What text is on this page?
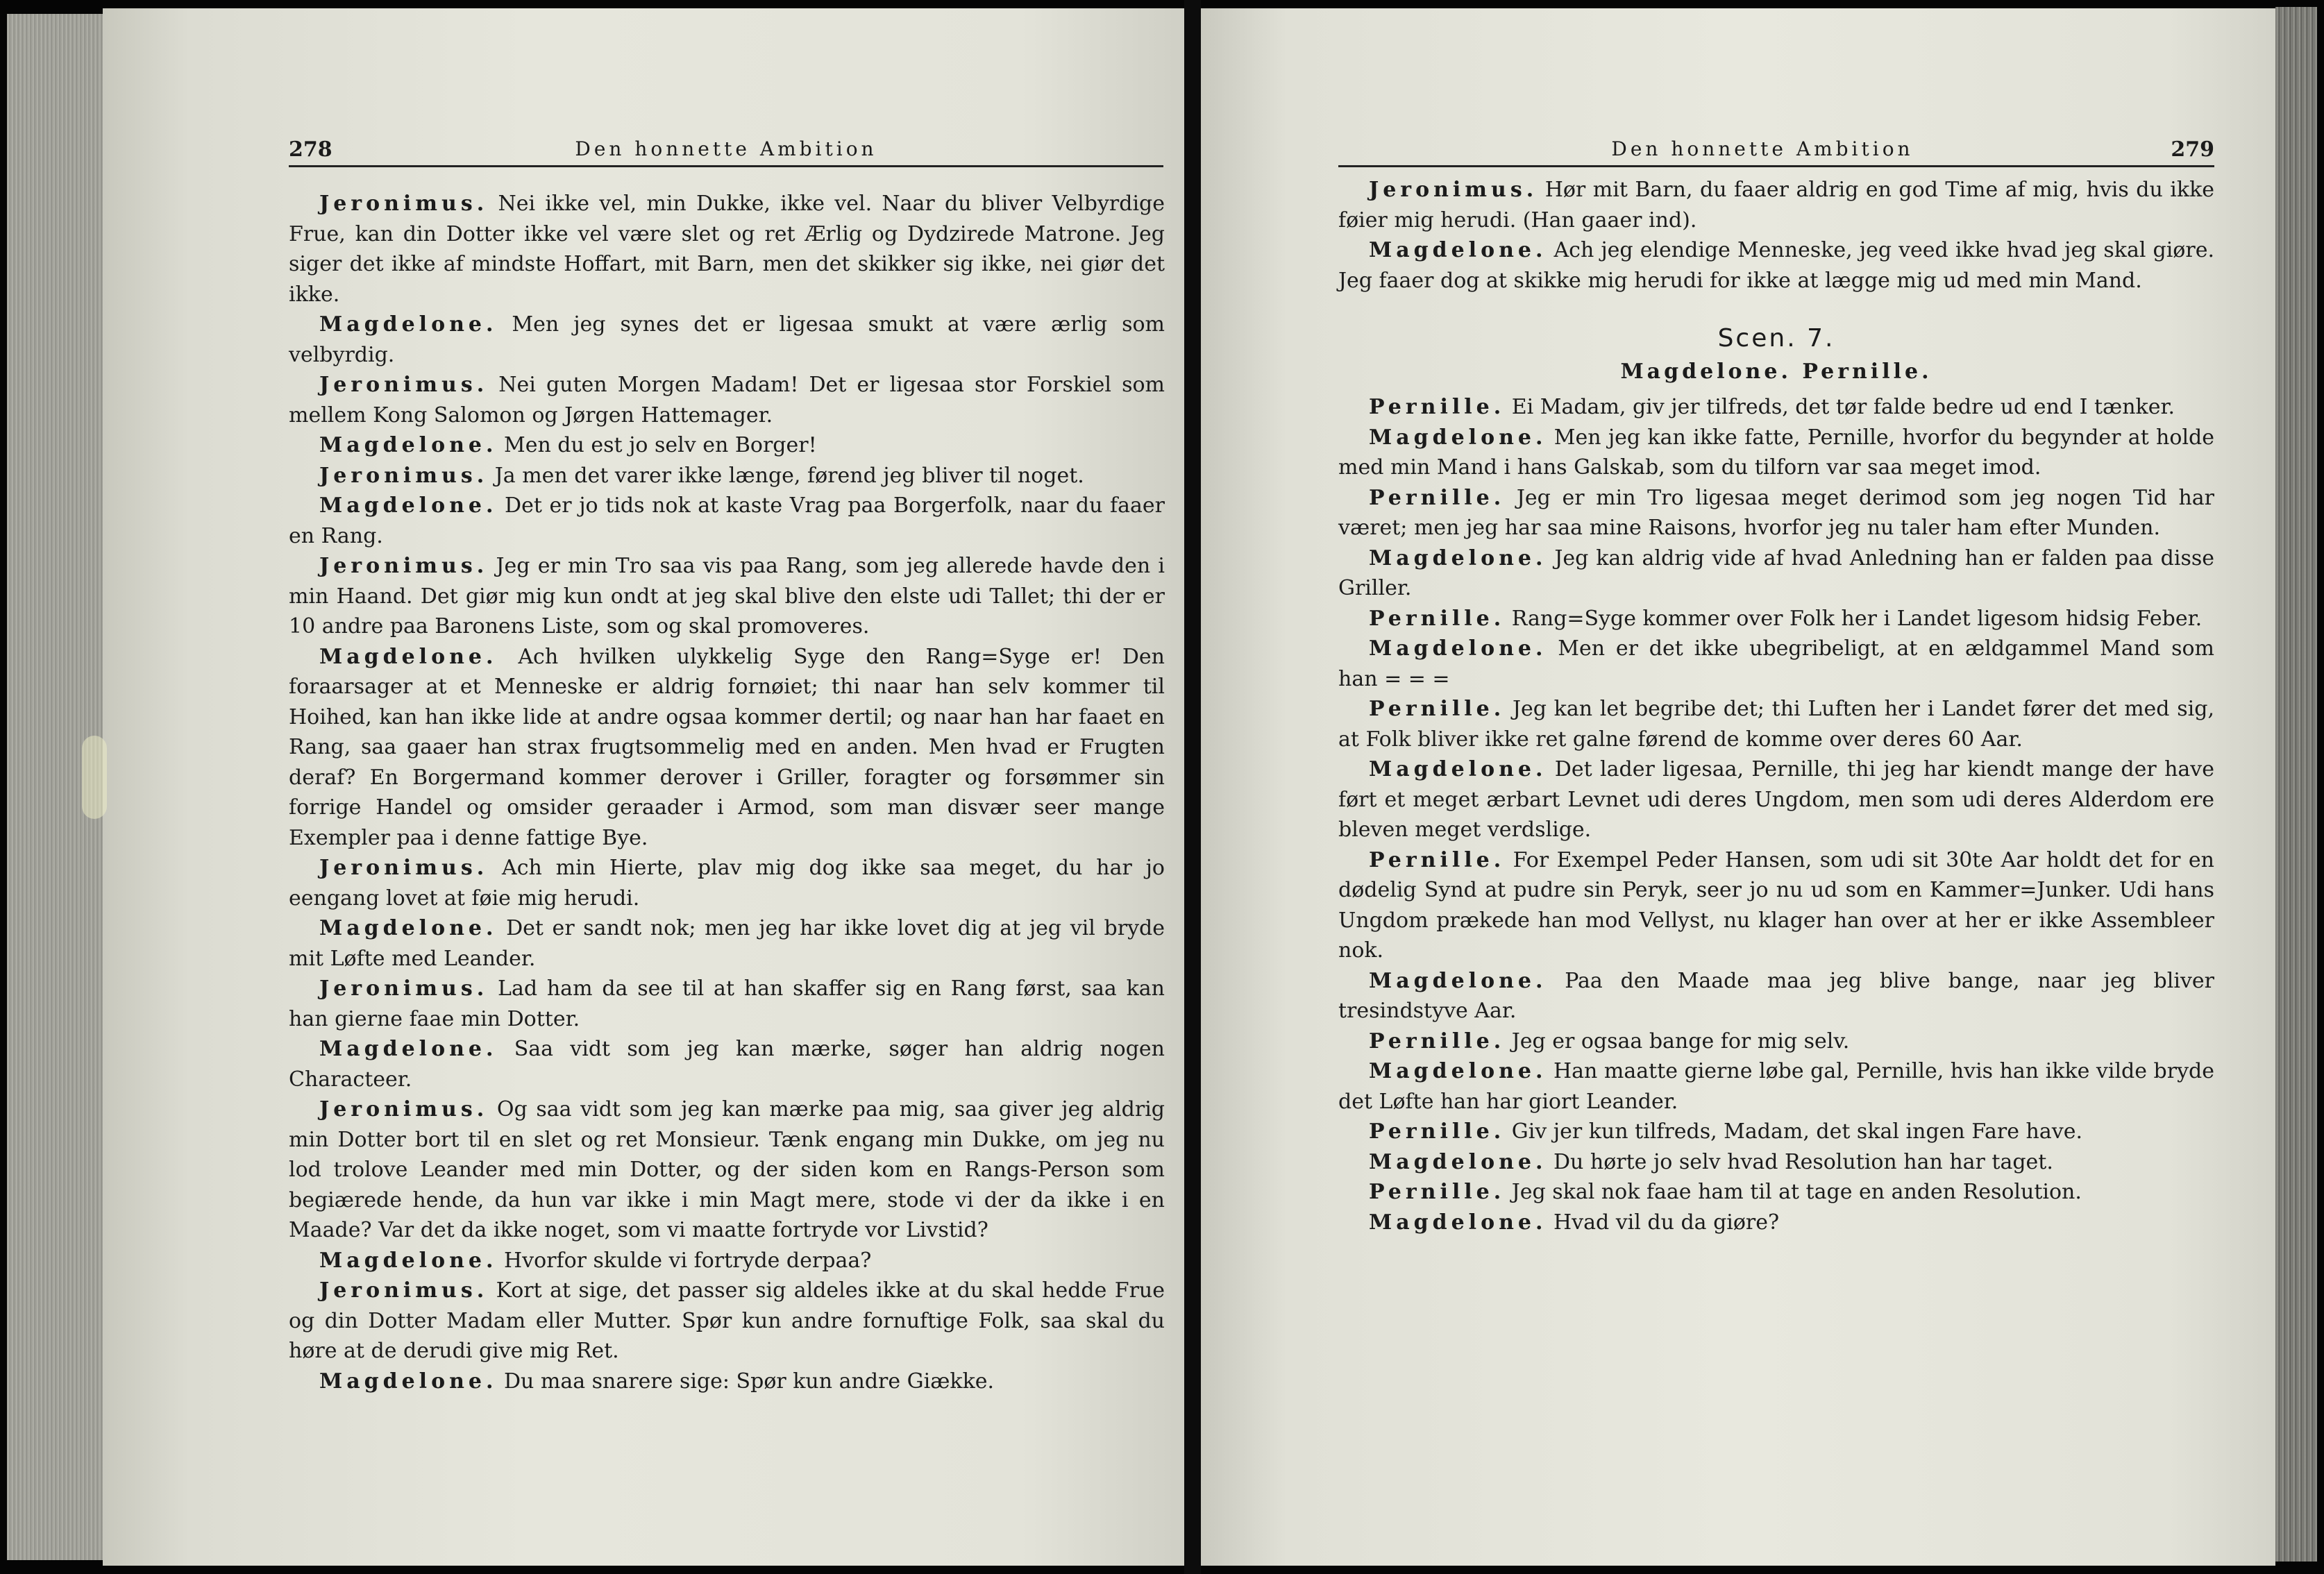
278	Den honnette Ambition

Jeronimus. Nei ikke vel, min Dukke, ikke vel. Naar du bliver Velbyrdige Frue, kan din Dotter ikke vel være slet og ret Ærlig og Dydzirede Matrone. Jeg siger det ikke af mindste Hoffart, mit Barn, men det skikker sig ikke, nei giør det ikke.

Magdelone. Men jeg synes det er ligesaa smukt at være ærlig som velbyrdig.

Jeronimus. Nei guten Morgen Madam! Det er ligesaa stor Forskiel som mellem Kong Salomon og Jørgen Hattemager.

Magdelone. Men du est jo selv en Borger!

Jeronimus. Ja men det varer ikke længe, førend jeg bliver til noget.

Magdelone. Det er jo tids nok at kaste Vrag paa Borgerfolk, naar du faaer en Rang.

Jeronimus. Jeg er min Tro saa vis paa Rang, som jeg allerede havde den i min Haand. Det giør mig kun ondt at jeg skal blive den elste udi Tallet; thi der er 10 andre paa Baronens Liste, som og skal promoveres.

Magdelone. Ach hvilken ulykkelig Syge den Rang=Syge er! Den foraarsager at et Menneske er aldrig fornøiet; thi naar han selv kommer til Hoihed, kan han ikke lide at andre ogsaa kommer dertil; og naar han har faaet en Rang, saa gaaer han strax frugtsommelig med en anden. Men hvad er Frugten deraf? En Borgermand kommer derover i Griller, foragter og forsømmer sin forrige Handel og omsider geraader i Armod, som man disvær seer mange Exempler paa i denne fattige Bye.

Jeronimus. Ach min Hierte, plav mig dog ikke saa meget, du har jo eengang lovet at føie mig herudi.

Magdelone. Det er sandt nok; men jeg har ikke lovet dig at jeg vil bryde mit Løfte med Leander.

Jeronimus. Lad ham da see til at han skaffer sig en Rang først, saa kan han gierne faae min Dotter.

Magdelone. Saa vidt som jeg kan mærke, søger han aldrig nogen Characteer.

Jeronimus. Og saa vidt som jeg kan mærke paa mig, saa giver jeg aldrig min Dotter bort til en slet og ret Monsieur. Tænk engang min Dukke, om jeg nu lod trolove Leander med min Dotter, og der siden kom en Rangs-Person som begiærede hende, da hun var ikke i min Magt mere, stode vi der da ikke i en Maade? Var det da ikke noget, som vi maatte fortryde vor Livstid?

Magdelone. Hvorfor skulde vi fortryde derpaa?

Jeronimus. Kort at sige, det passer sig aldeles ikke at du skal hedde Frue og din Dotter Madam eller Mutter. Spør kun andre fornuftige Folk, saa skal du høre at de derudi give mig Ret.

Magdelone. Du maa snarere sige: Spør kun andre Giække.

Den honnette Ambition	279

Jeronimus. Hør mit Barn, du faaer aldrig en god Time af mig, hvis du ikke føier mig herudi. (Han gaaer ind).

Magdelone. Ach jeg elendige Menneske, jeg veed ikke hvad jeg skal giøre. Jeg faaer dog at skikke mig herudi for ikke at lægge mig ud med min Mand.

Scen. 7.
Magdelone. Pernille.

Pernille. Ei Madam, giv jer tilfreds, det tør falde bedre ud end I tænker.

Magdelone. Men jeg kan ikke fatte, Pernille, hvorfor du begynder at holde med min Mand i hans Galskab, som du tilforn var saa meget imod.

Pernille. Jeg er min Tro ligesaa meget derimod som jeg nogen Tid har været; men jeg har saa mine Raisons, hvorfor jeg nu taler ham efter Munden.

Magdelone. Jeg kan aldrig vide af hvad Anledning han er falden paa disse Griller.

Pernille. Rang=Syge kommer over Folk her i Landet ligesom hidsig Feber.

Magdelone. Men er det ikke ubegribeligt, at en ældgammel Mand som han = = =

Pernille. Jeg kan let begribe det; thi Luften her i Landet fører det med sig, at Folk bliver ikke ret galne førend de komme over deres 60 Aar.

Magdelone. Det lader ligesaa, Pernille, thi jeg har kiendt mange der have ført et meget ærbart Levnet udi deres Ungdom, men som udi deres Alderdom ere bleven meget verdslige.

Pernille. For Exempel Peder Hansen, som udi sit 30te Aar holdt det for en dødelig Synd at pudre sin Peryk, seer jo nu ud som en Kammer=Junker. Udi hans Ungdom prækede han mod Vellyst, nu klager han over at her er ikke Assembleer nok.

Magdelone. Paa den Maade maa jeg blive bange, naar jeg bliver tresindstyve Aar.

Pernille. Jeg er ogsaa bange for mig selv.

Magdelone. Han maatte gierne løbe gal, Pernille, hvis han ikke vilde bryde det Løfte han har giort Leander.

Pernille. Giv jer kun tilfreds, Madam, det skal ingen Fare have.

Magdelone. Du hørte jo selv hvad Resolution han har taget.

Pernille. Jeg skal nok faae ham til at tage en anden Resolution.

Magdelone. Hvad vil du da giøre?
